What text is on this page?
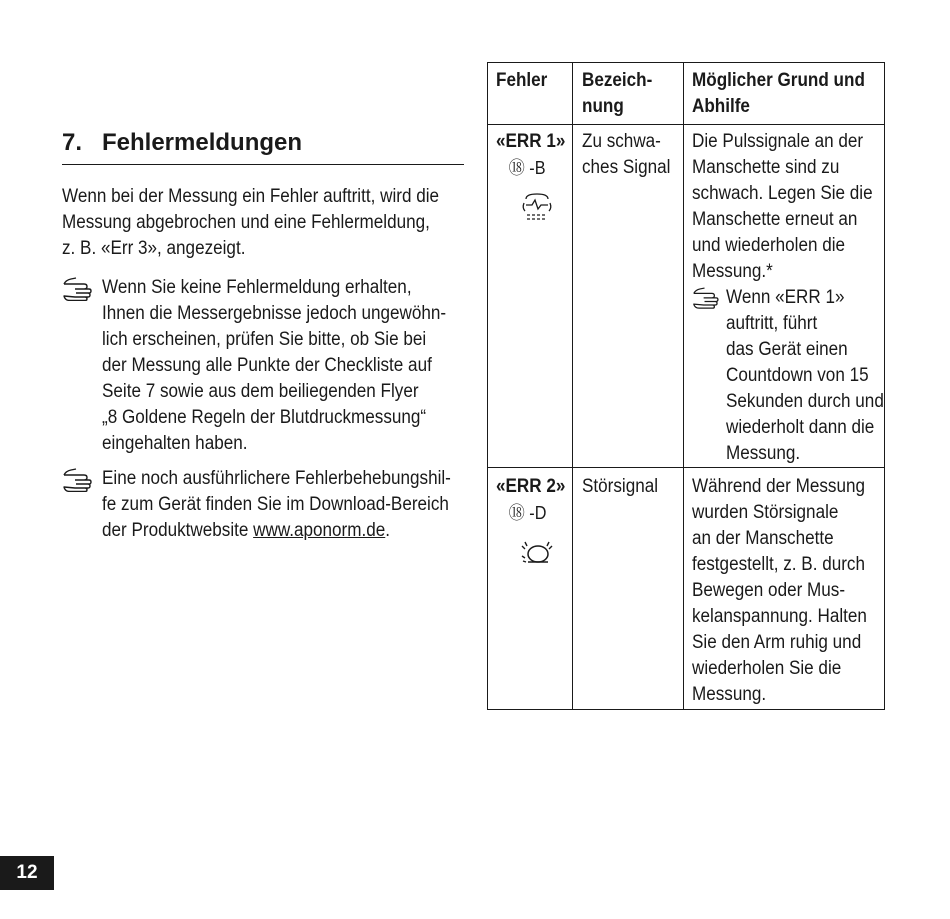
7. Fehlermeldungen
Wenn bei der Messung ein Fehler auftritt, wird die
Messung abgebrochen und eine Fehlermeldung,
z. B. «Err 3», angezeigt.
Wenn Sie keine Fehlermeldung erhalten,
Ihnen die Messergebnisse jedoch ungewöhn-
lich erscheinen, prüfen Sie bitte, ob Sie bei
der Messung alle Punkte der Checkliste auf
Seite 7 sowie aus dem beiliegenden Flyer
„8 Goldene Regeln der Blutdruckmessung“
eingehalten haben.
Eine noch ausführlichere Fehlerbehebungshil-
fe zum Gerät finden Sie im Download-Bereich
der Produktwebsite www.aponorm.de.
Fehler Bezeich-
nung
Möglicher Grund und
Abhilfe
«ERR 1»
⑱ -B
Zu schwa-
ches Signal
Die Pulssignale an der
Manschette sind zu
schwach. Legen Sie die
Manschette erneut an
und wiederholen die
Messung.*
Wenn «ERR 1»
auftritt, führt
das Gerät einen
Countdown von 15
Sekunden durch und
wiederholt dann die
Messung.
«ERR 2»
⑱ -D
Störsignal Während der Messung
wurden Störsignale
an der Manschette
festgestellt, z. B. durch
Bewegen oder Mus-
kelanspannung. Halten
Sie den Arm ruhig und
wiederholen Sie die
Messung.
12
